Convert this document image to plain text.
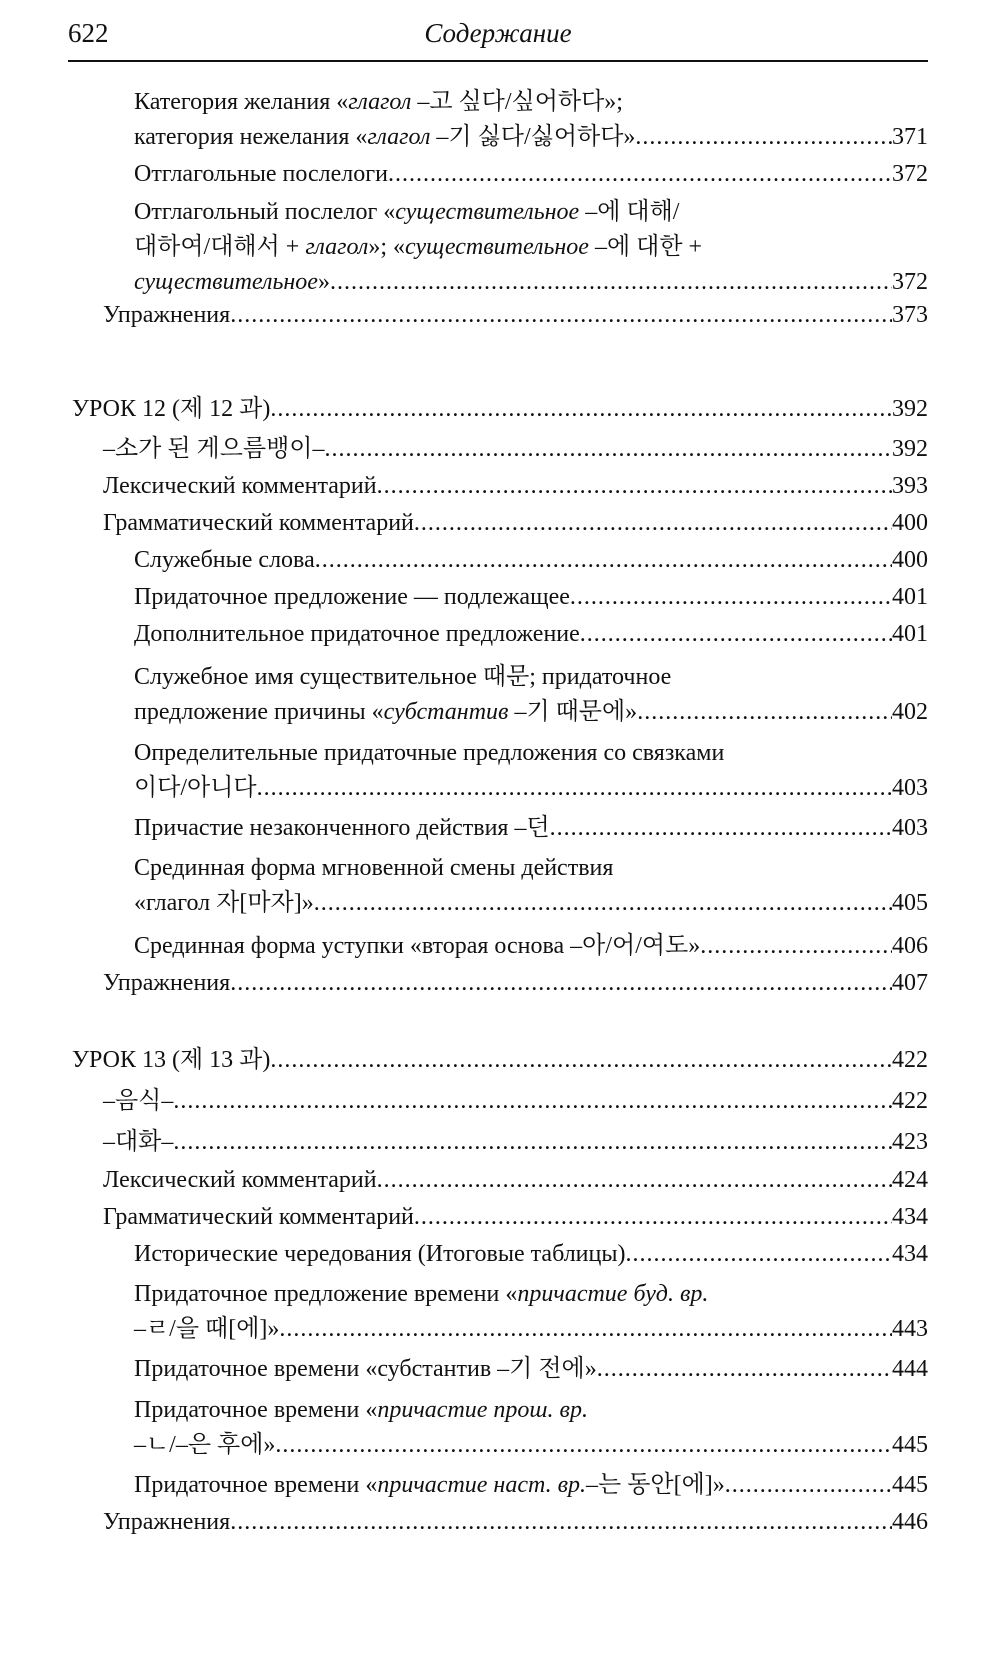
622	Содержание
Категория желания «глагол –고 싶다/싶어하다»;
категория нежелания «глагол –기 싫다/싫어하다» .....	371
Отглагольные послелоги .....	372
Отглагольный послелог «существительное –에 대해/
대하여/대해서 + глагол»; «существительное –에 대한 +
существительное» .....	372
Упражнения .....	373
УРОК 12 (제 12 과) .....	392
–소가 된 게으름뱅이– .....	392
Лексический комментарий .....	393
Грамматический комментарий .....	400
Служебные слова .....	400
Придаточное предложение — подлежащее .....	401
Дополнительное придаточное предложение .....	401
Служебное имя существительное 때문; придаточное
предложение причины «субстантив –기 때문에» .....	402
Определительные придаточные предложения со связками
이다/아니다 .....	403
Причастие незаконченного действия –던 .....	403
Срединная форма мгновенной смены действия
«глагол 자[마자]» .....	405
Срединная форма уступки «вторая основа –아/어/여도» .....	406
Упражнения .....	407
УРОК 13 (제 13 과) .....	422
–음식– .....	422
–대화– .....	423
Лексический комментарий .....	424
Грамматический комментарий .....	434
Исторические чередования (Итоговые таблицы) .....	434
Придаточное предложение времени «причастие буд. вр.
–ㄹ/을 때[에]» .....	443
Придаточное времени «субстантив –기 전에» .....	444
Придаточное времени «причастие прош. вр.
–ㄴ/–은 후에» .....	445
Придаточное времени «причастие наст. вр.–는 동안[에]» .....	445
Упражнения .....	446
